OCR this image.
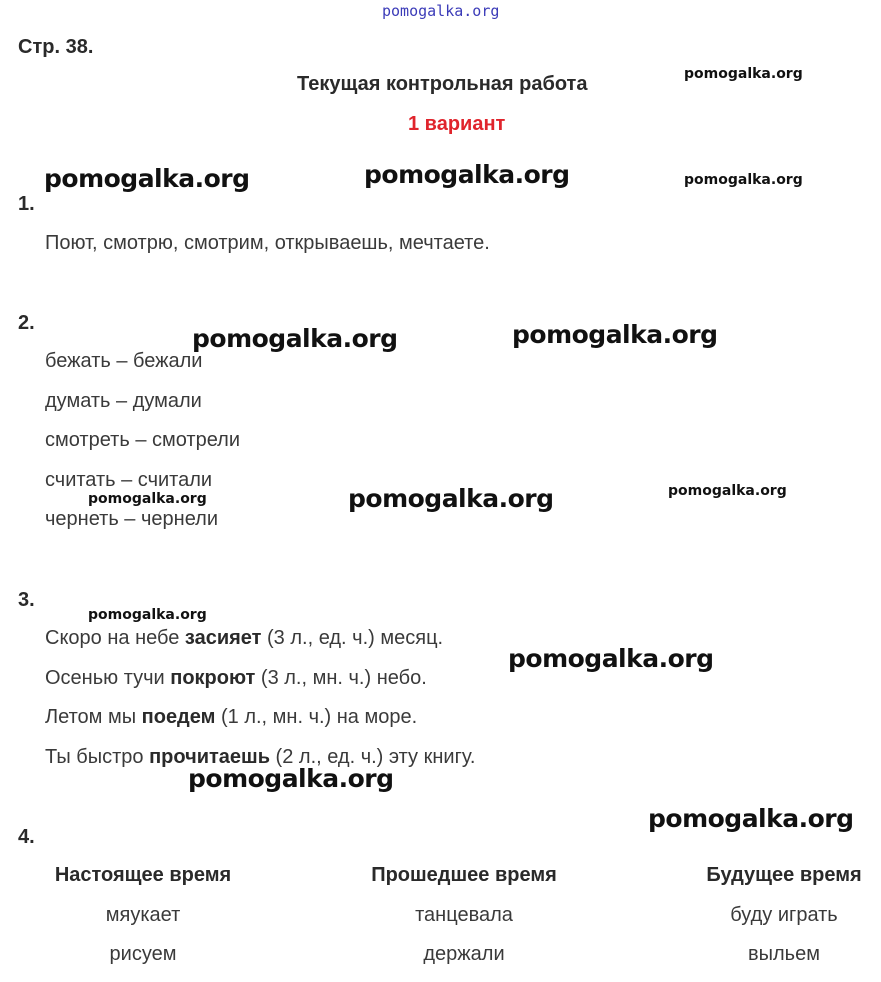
pomogalka.org
Стр. 38.
Текущая контрольная работа
1 вариант
1.
Поют, смотрю, смотрим, открываешь, мечтаете.
2.
бежать – бежали
думать – думали
смотреть – смотрели
считать – считали
чернеть – чернели
3.
Скоро на небе засияет (3 л., ед. ч.) месяц.
Осенью тучи покроют (3 л., мн. ч.) небо.
Летом мы поедем (1 л., мн. ч.) на море.
Ты быстро прочитаешь (2 л., ед. ч.) эту книгу.
4.
Настоящее время	Прошедшее время	Будущее время
мяукает	танцевала	буду играть
рисуем	держали	выльем
pomogalka.org
pomogalka.org	pomogalka.org	pomogalka.org
pomogalka.org	pomogalka.org
pomogalka.org	pomogalka.org	pomogalka.org
pomogalka.org
pomogalka.org
pomogalka.org
pomogalka.org
